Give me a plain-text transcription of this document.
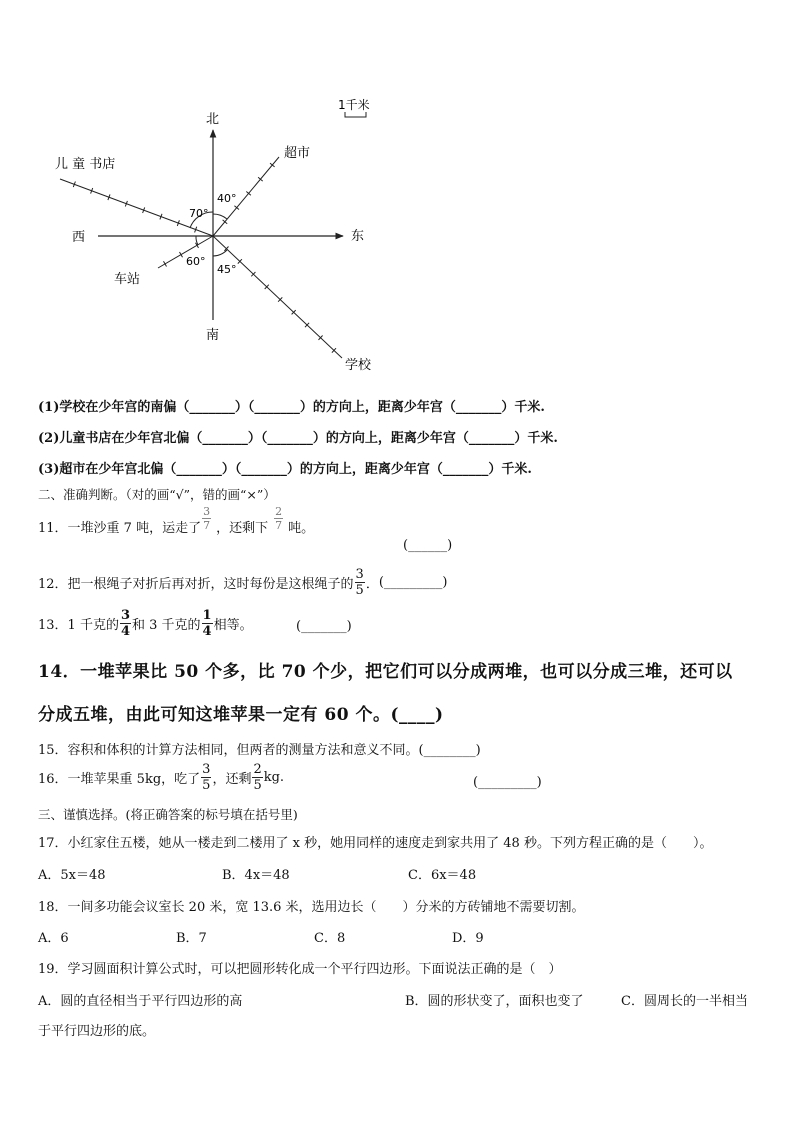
1千米
北
南
东
西
儿 童 书店
超市
车站
学校
40°
70°
60°
45°
(1)学校在少年宫的南偏（_______）（_______）的方向上，距离少年宫（_______）千米.
(2)儿童书店在少年宫北偏（_______）（_______）的方向上，距离少年宫（_______）千米.
(3)超市在少年宫北偏（_______）（_______）的方向上，距离少年宫（_______）千米.
二、准确判断。（对的画“√”，错的画“×”）
11．一堆沙重 7 吨，运走了 $\frac{3}{7}$ ，还剩下 $\frac{2}{7}$ 吨。
(______)
12．把一根绳子对折后再对折，这时每份是这根绳子的 $\frac{3}{5}$ ． (_________)
13．1 千克的 $\frac{3}{4}$ 和 3 千克的 $\frac{1}{4}$ 相等。	(_______)
14．一堆苹果比 50 个多，比 70 个少，把它们可以分成两堆，也可以分成三堆，还可以
分成五堆，由此可知这堆苹果一定有 60 个。(____)
15．容积和体积的计算方法相同，但两者的测量方法和意义不同。(________)
16．一堆苹果重 5kg，吃了 $\frac{3}{5}$ ，还剩 $\frac{2}{5}$ kg.	(_________)
三、谨慎选择。(将正确答案的标号填在括号里)
17．小红家住五楼，她从一楼走到二楼用了 x 秒，她用同样的速度走到家共用了 48 秒。下列方程正确的是（　　）。
A．5x＝48	B．4x＝48	C．6x＝48
18．一间多功能会议室长 20 米，宽 13.6 米，选用边长（　　）分米的方砖铺地不需要切割。
A．6	B．7	C．8	D．9
19．学习圆面积计算公式时，可以把圆形转化成一个平行四边形。下面说法正确的是（　）
A．圆的直径相当于平行四边形的高	B．圆的形状变了，面积也变了	C．圆周长的一半相当
于平行四边形的底。
